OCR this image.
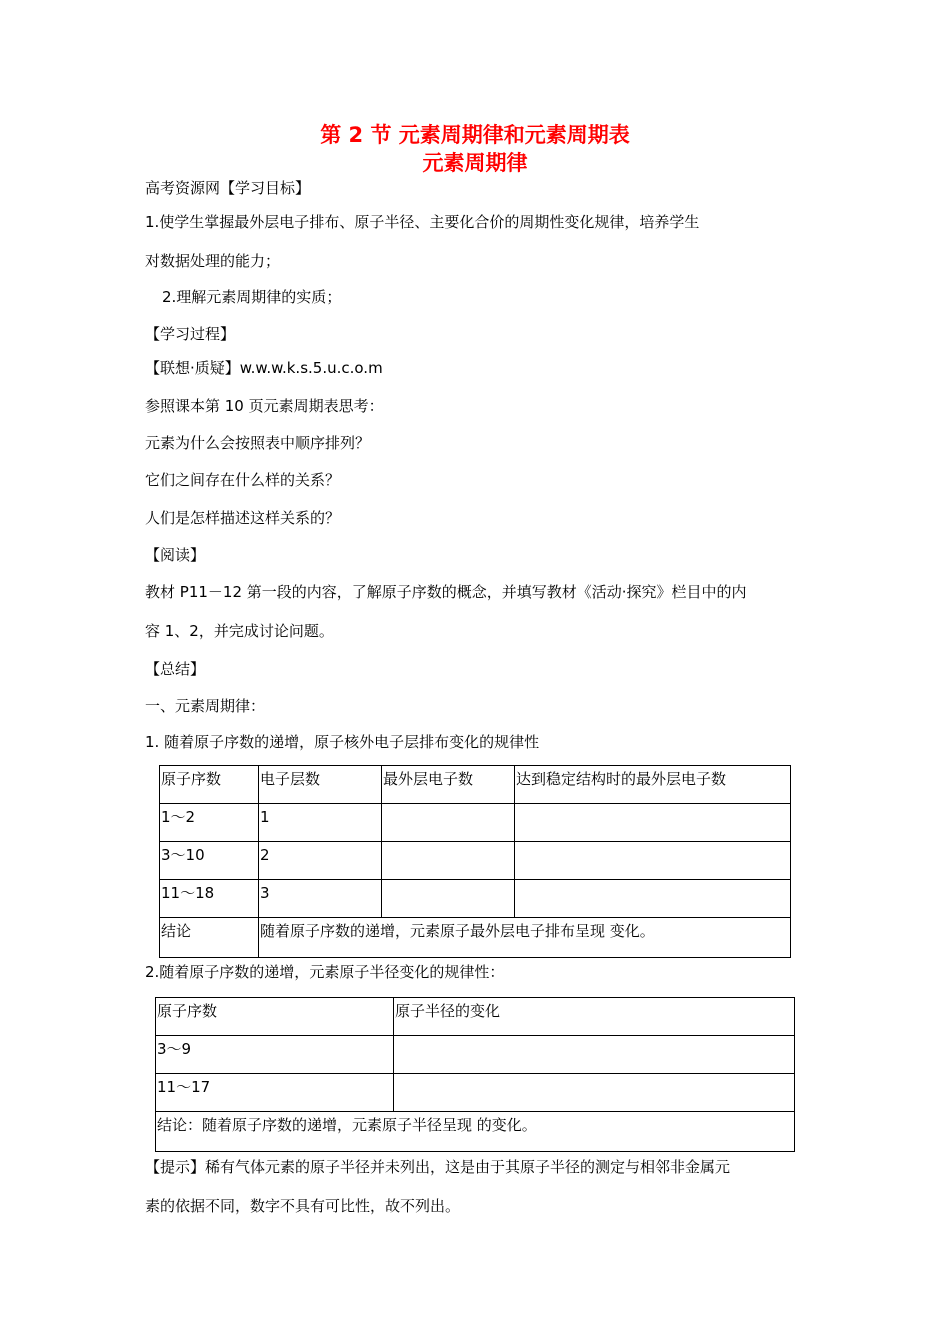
第 2 节 元素周期律和元素周期表
元素周期律
高考资源网【学习目标】
1.使学生掌握最外层电子排布、原子半径、主要化合价的周期性变化规律，培养学生
对数据处理的能力；
2.理解元素周期律的实质；
【学习过程】
【联想·质疑】w.w.w.k.s.5.u.c.o.m
参照课本第 10 页元素周期表思考：
元素为什么会按照表中顺序排列？
它们之间存在什么样的关系？
人们是怎样描述这样关系的？
【阅读】
教材 P11－12 第一段的内容，了解原子序数的概念，并填写教材《活动·探究》栏目中的内
容 1、2，并完成讨论问题。
【总结】
一、元素周期律：
1. 随着原子序数的递增，原子核外电子层排布变化的规律性
原子序数	电子层数	最外层电子数	达到稳定结构时的最外层电子数
1～2	1		
3～10	2		
11～18	3		
结论	随着原子序数的递增，元素原子最外层电子排布呈现 变化。		
2.随着原子序数的递增，元素原子半径变化的规律性：
原子序数	原子半径的变化
3～9	
11～17	
结论：随着原子序数的递增，元素原子半径呈现 的变化。	
【提示】稀有气体元素的原子半径并未列出，这是由于其原子半径的测定与相邻非金属元
素的依据不同，数字不具有可比性，故不列出。
